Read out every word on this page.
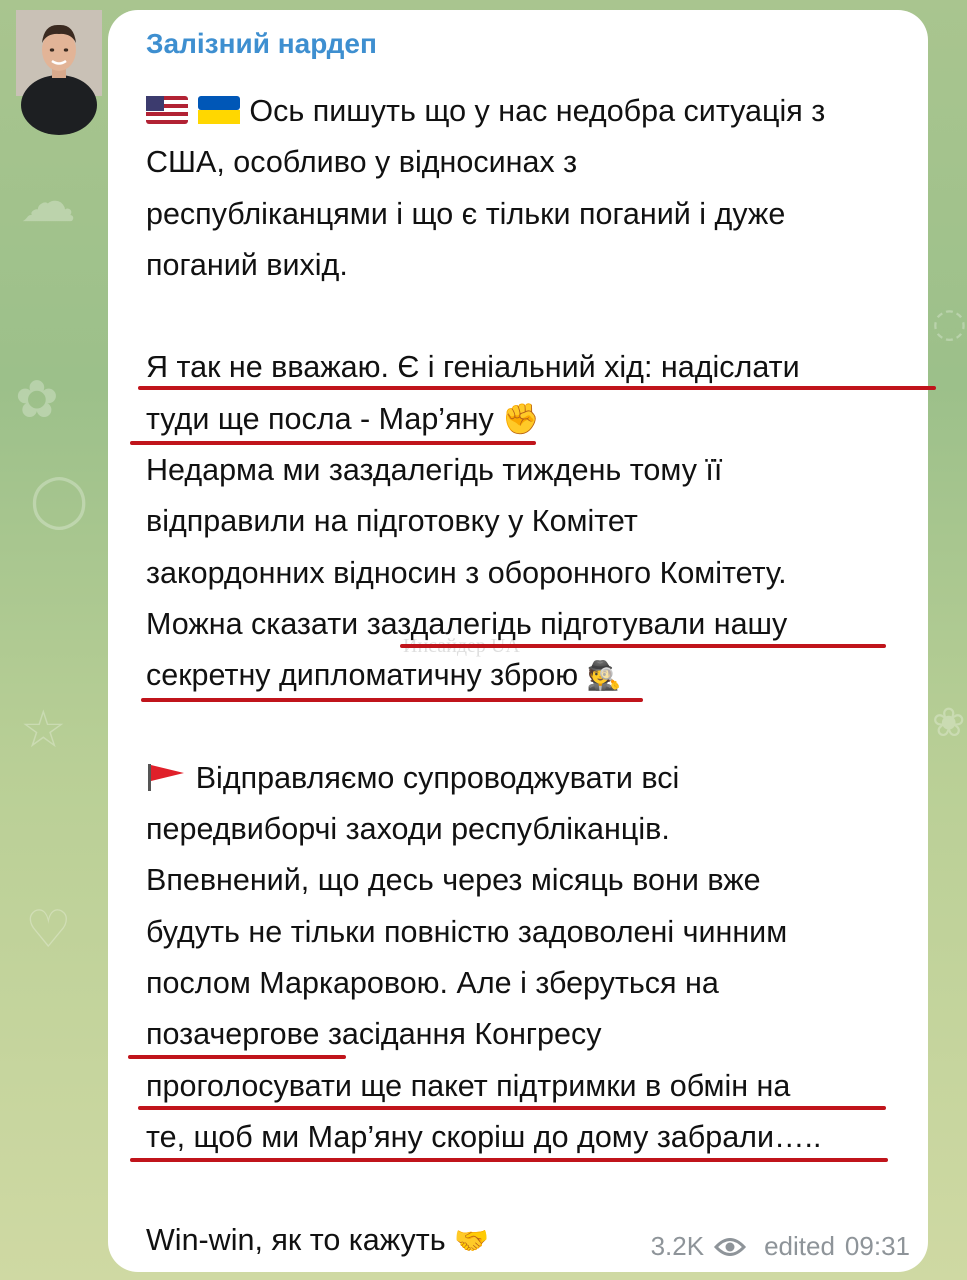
☁
✿
◯
☆
♡
◌
❀
Залізний нардеп
Ось пишуть що у нас недобра ситуація з
США, особливо у відносинах з
республіканцями і що є тільки поганий і дуже
поганий вихід.
Я так не вважаю. Є і геніальний хід: надіслати
туди ще посла - Мар’яну ✊
Недарма ми заздалегідь тиждень тому її
відправили на підготовку у Комітет
закордонних відносин з оборонного Комітету.
Можна сказати заздалегідь підготували нашу
секретну дипломатичну зброю 🕵
Відправляємо супроводжувати всі
передвиборчі заходи республіканців.
Впевнений, що десь через місяць вони вже
будуть не тільки повністю задоволені чинним
послом Маркаровою. Але і зберуться на
позачергове засідання Конгресу
проголосувати ще пакет підтримки в обмін на
те, щоб ми Мар’яну скоріш до дому забрали…..
Win-win, як то кажуть 🤝	3.2K edited 09:31
